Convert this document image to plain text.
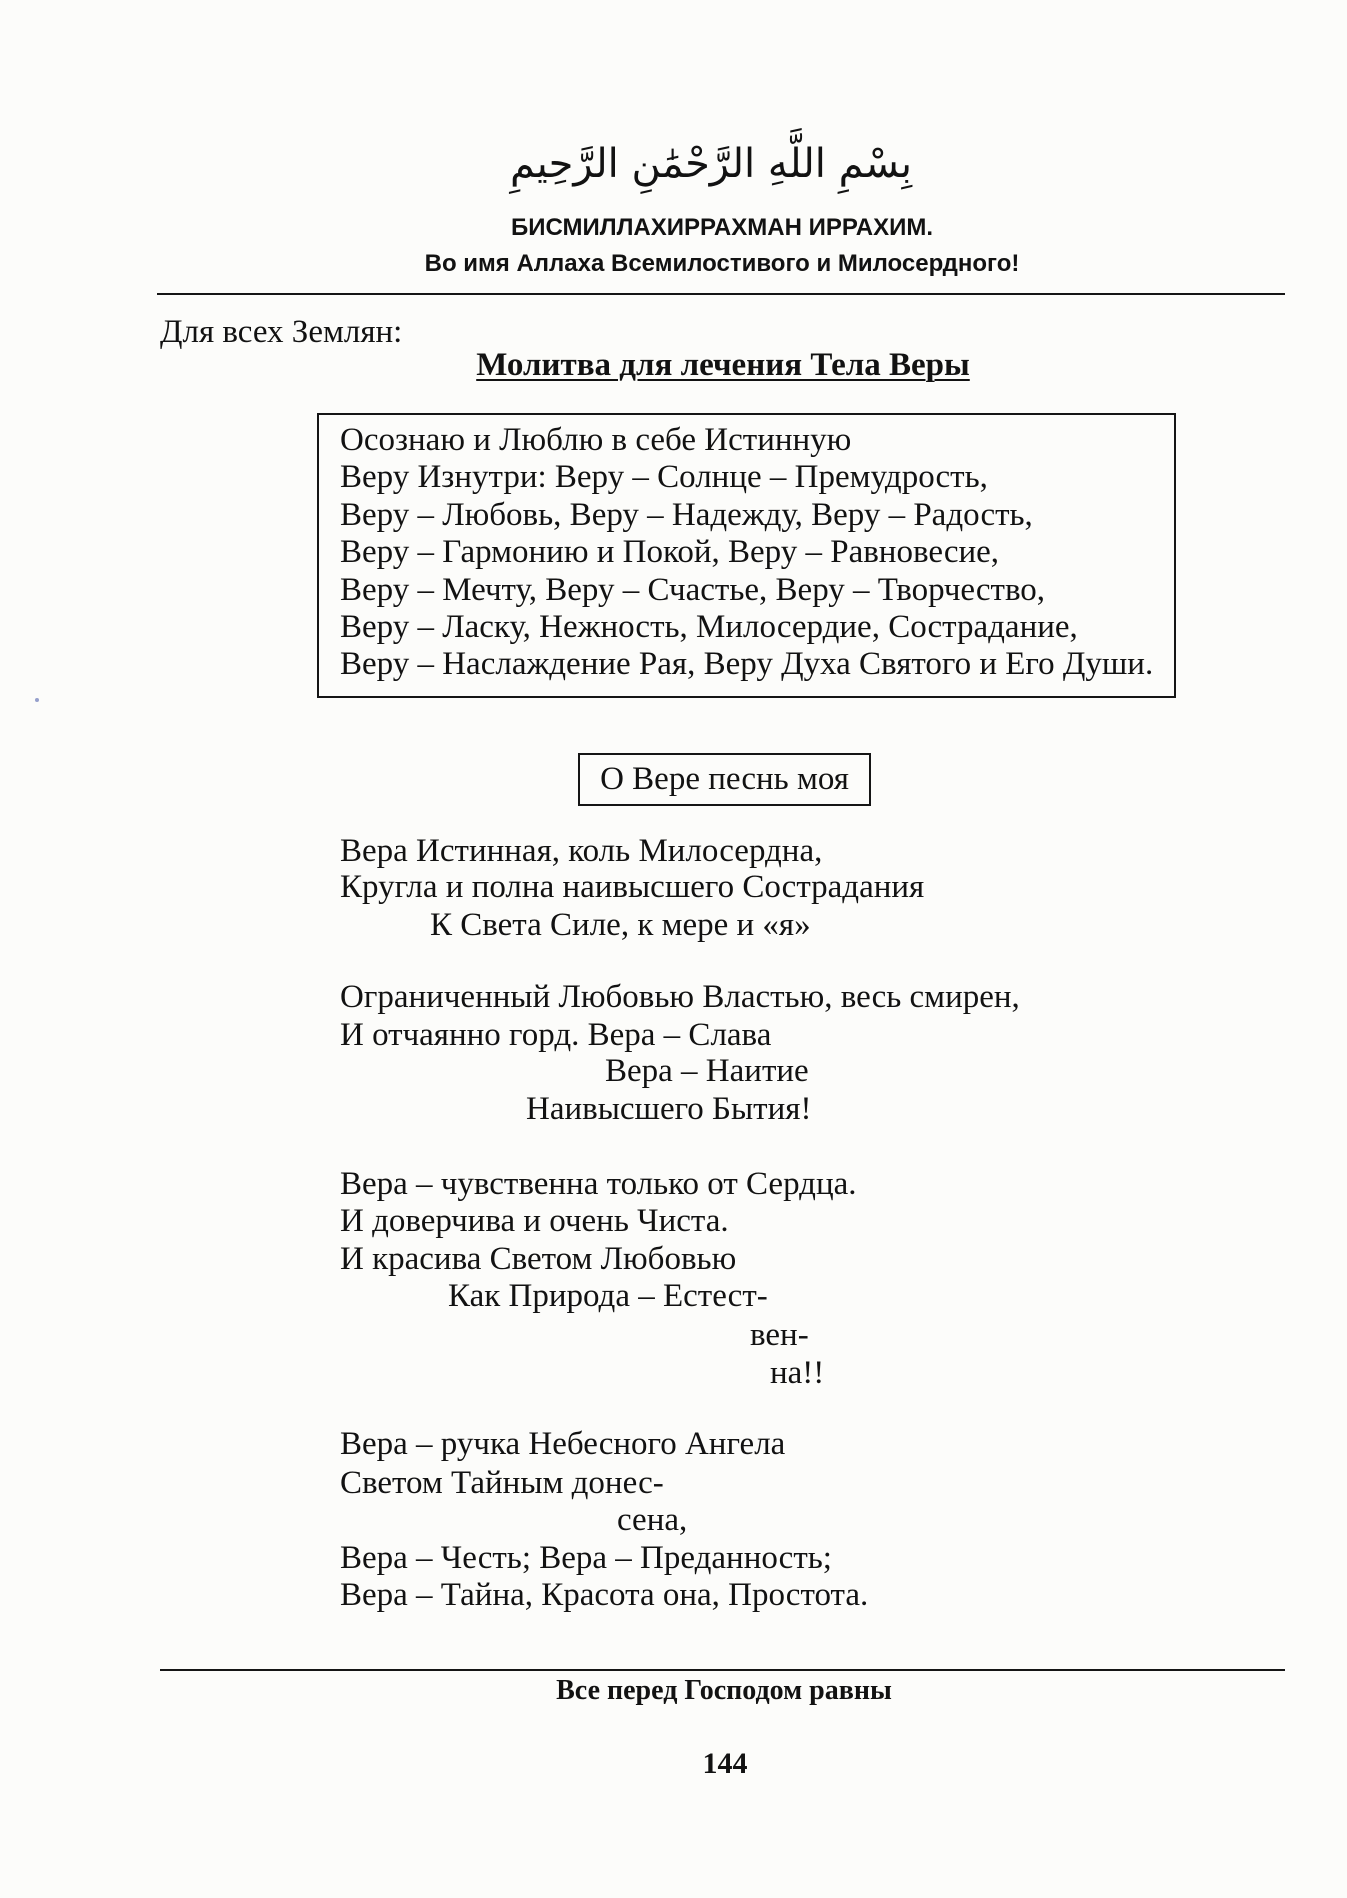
بِسْمِ اللَّهِ الرَّحْمَٰنِ الرَّحِيمِ
БИСМИЛЛАХИРРАХМАН ИРРАХИМ.
Во имя Аллаха Всемилостивого и Милосердного!
Для всех Землян:
Молитва для лечения Тела Веры
Осознаю и Люблю в себе Истинную
Веру Изнутри: Веру – Солнце – Премудрость,
Веру – Любовь, Веру – Надежду, Веру – Радость,
Веру – Гармонию и Покой, Веру – Равновесие,
Веру – Мечту, Веру – Счастье, Веру – Творчество,
Веру – Ласку, Нежность, Милосердие, Сострадание,
Веру – Наслаждение Рая, Веру Духа Святого и Его Души.
О Вере песнь моя
Вера Истинная, коль Милосердна,
Кругла и полна наивысшего Сострадания
К Света Силе, к мере и «я»
Ограниченный Любовью Властью, весь смирен,
И отчаянно горд. Вера – Слава
Вера – Наитие
Наивысшего Бытия!
Вера – чувственна только от Сердца.
И доверчива и очень Чиста.
И красива Светом Любовью
Как Природа – Естест-
вен-
на!!
Вера – ручка Небесного Ангела
Светом Тайным донес-
сена,
Вера – Честь; Вера – Преданность;
Вера – Тайна, Красота она, Простота.
Все перед Господом равны
144
